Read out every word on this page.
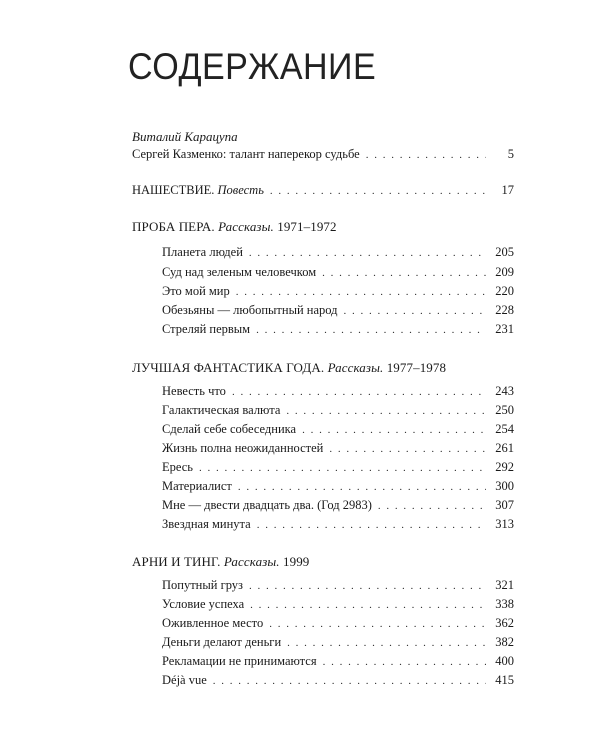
СОДЕРЖАНИЕ
Виталий Карацупа
Сергей Казменко: талант наперекор судьбе . . .	5
НАШЕСТВИЕ. Повесть . . .	17
ПРОБА ПЕРА. Рассказы. 1971–1972
Планета людей . . .	205
Суд над зеленым человечком . . .	209
Это мой мир . . .	220
Обезьяны — любопытный народ . . .	228
Стреляй первым . . .	231
ЛУЧШАЯ ФАНТАСТИКА ГОДА. Рассказы. 1977–1978
Невесть что . . .	243
Галактическая валюта . . .	250
Сделай себе собеседника . . .	254
Жизнь полна неожиданностей . . .	261
Ересь . . .	292
Материалист . . .	300
Мне — двести двадцать два. (Год 2983) . . .	307
Звездная минута . . .	313
АРНИ И ТИНГ. Рассказы. 1999
Попутный груз . . .	321
Условие успеха . . .	338
Оживленное место . . .	362
Деньги делают деньги . . .	382
Рекламации не принимаются . . .	400
Déjà vue . . .	415
